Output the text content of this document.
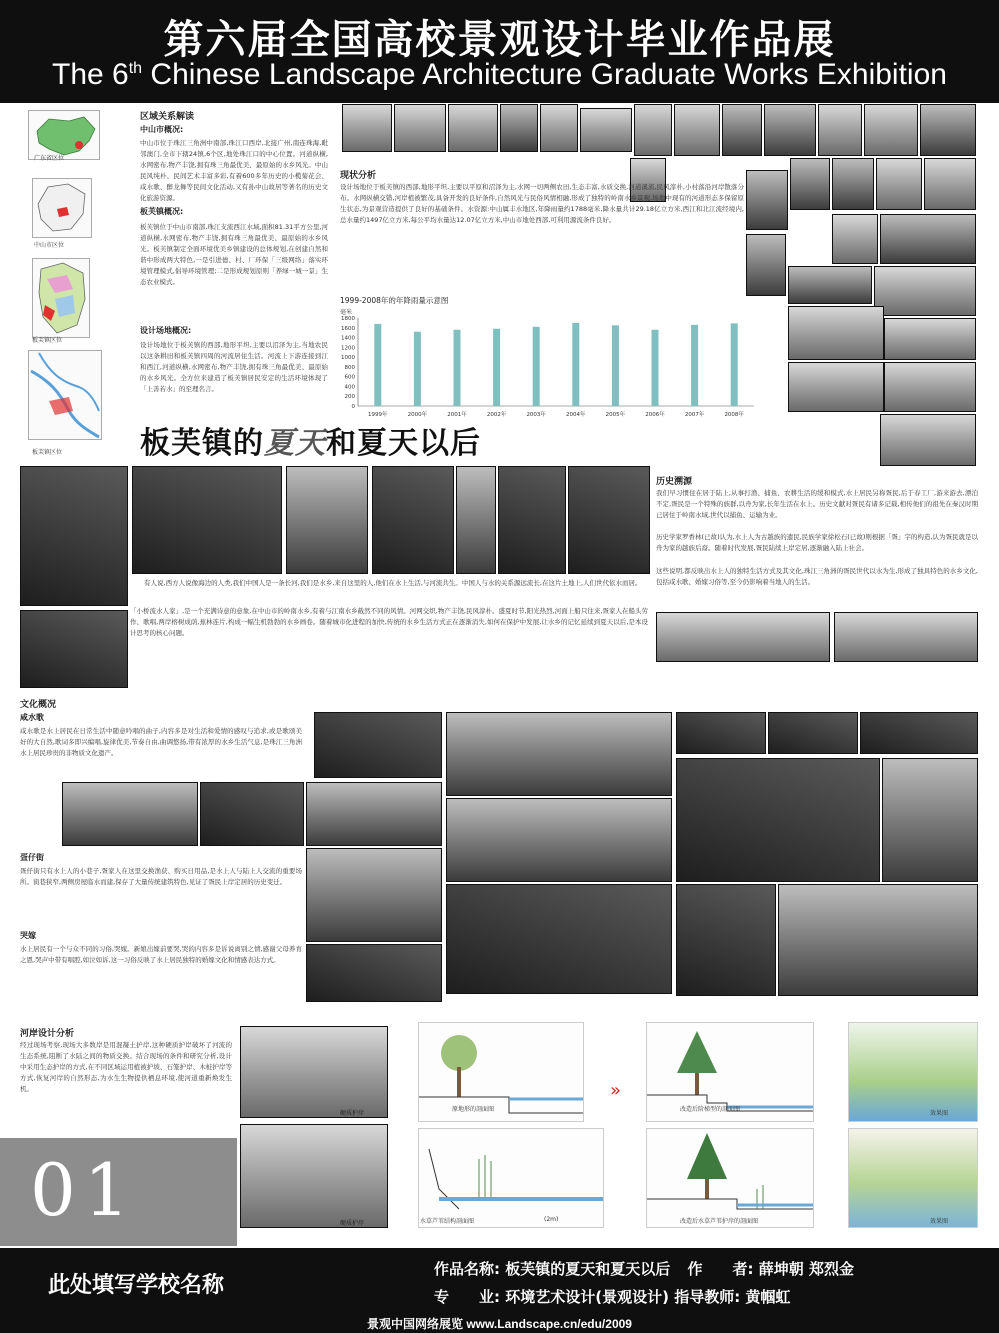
第六届全国高校景观设计毕业作品展
The 6th Chinese Landscape Architecture Graduate Works Exhibition
广东省区位
中山市区位
板芙镇区位
板芙镇区位
区域关系解读
中山市概况:
中山市位于珠江三角洲中南部,珠江口西岸,北接广州,南连珠海,毗邻澳门,全市下辖24镇,6个区,地处珠江口的中心位置。河道纵横,水网密布,物产丰饶,拥有珠三角最优美、最原始的水乡风光。中山民风纯朴、民间艺术丰富多彩,有着600多年历史的小榄菊花会、咸水歌、醉龙舞等民间文化活动,又有孙中山故居等著名的历史文化旅游资源。
板芙镇概况:
板芙镇位于中山市南部,珠江支流西江水域,面积81.31平方公里,河道纵横,水网密布,物产丰饶,拥有珠三角最优美、最原始的水乡风光。板芙镇制定全面环境优美乡镇建设的总体规划,在创建自然和谐中形成两大特色,一是引进德、村、厂环保「三级网络」落实环境管理模式,倡导环境管理;二是形成规划原则「养绿一城一景」生态农业模式。
设计场地概况:
设计场地位于板芙镇的西部,地形平坦,主要以沼泽为主,当地农民以这条耕田和板芙镇四周的河流居住生活。河流上下游连接到江和西江,河道纵横,水网密布,物产丰饶,拥有珠三角最优美、最原始的水乡风光。全方位来建造了板芙镇居民安定的生活环境体现了「上善若水」的至理名言。
现状分析
设计场地位于板芙镇的西部,地形平坦,主要以平原和沼泽为主,水网一切两侧农田,生态丰富,水质交换,河道溪流,民风淳朴,小村落沿河岸散落分布。水网纵横交错,河岸植被繁茂,具备开发的良好条件,自然风光与民俗风情相融,形成了独特的岭南水乡景观,场地中现有的河道形态多保留原生状态,为景观营造提供了良好的基础条件。水资源:中山属丰水地区,年降雨量约1788毫米,降水量共计29.18亿立方米,西江和北江流经境内,总水量约1497亿立方米,每公平均水量达12.07亿立方米,中山市地处西部,可利用源流条件良好。
1999-2008年的年降雨量示意图
毫米
0
200
400
600
800
1000
1200
1400
1600
1800
1999年	2000年	2001年	2002年	2003年	2004年	2005年	2006年	2007年	2008年
板芙镇的夏天和夏天以后
有人说,西方人说像海边的人类,我们中国人是一条长河,我们是水乡,来自这里的人,他们在水上生活,与河流共生。中国人与水的关系源远流长,在这片土地上,人们世代依水而居。
「小桥流水人家」,是一个充满诗意的意象,在中山市的岭南水乡,有着与江南水乡截然不同的风情。河网交织,物产丰饶,民风淳朴。盛夏时节,阳光热烈,河面上船只往来,疍家人在船头劳作、歌唱,两岸榕树成荫,蕉林连片,构成一幅生机勃勃的水乡画卷。随着城市化进程的加快,传统的水乡生活方式正在逐渐消失,如何在保护中发展,让水乡的记忆延续到夏天以后,是本设计思考的核心问题。
历史溯源
我们早习惯住在居于陆上,从事打渔、捕鱼、农耕生活的缓和模式,水上居民另称疍民,后于春工厂,游来游去,漂泊不定,疍民是一个特殊的族群,以舟为家,长年生活在水上。历史文献对疍民有诸多记载,相传他们的祖先在秦汉时期已居住于岭南水域,世代以捕鱼、运输为业。
历史学家罗香林(已故)认为,水上人为古越族的遗民,民族学家徐松石(已故)则根据「疍」字的构造,认为疍民就是以舟为家的越族后裔。随着时代发展,疍民陆续上岸定居,逐渐融入陆上社会。
这些说明,都反映出水上人的独特生活方式及其文化,珠江三角洲的疍民世代以水为生,形成了独具特色的水乡文化,包括咸水歌、婚嫁习俗等,至今仍影响着当地人的生活。
文化概况
咸水歌
咸水歌是水上居民在日常生活中随意吟唱的曲子,内容多是对生活和爱情的感叹与追求,或是歌颂美好的大自然,歌词多即兴编唱,旋律优美,节奏自由,曲调悠扬,带有浓厚的水乡生活气息,是珠江三角洲水上居民珍贵的非物质文化遗产。
疍仔街
疍仔街只有水上人的小巷子,疍家人在这里交换渔获、购买日用品,是水上人与陆上人交流的重要场所。街巷狭窄,两侧房屋临水而建,保存了大量传统建筑特色,见证了疍民上岸定居的历史变迁。
哭嫁
水上居民有一个与众不同的习俗,哭嫁。新娘出嫁前要哭,哭的内容多是诉说离别之情,感谢父母养育之恩,哭声中带有唱腔,如泣如诉,这一习俗反映了水上居民独特的婚嫁文化和情感表达方式。
河岸设计分析
经过现场考察,现场大多数岸是用混凝土护岸,这种硬质护岸破坏了河流的生态系统,阻断了水陆之间的物质交换。结合现场的条件和研究分析,设计中采用生态护岸的方式,在不同区域运用植被护坡、石笼护岸、木桩护岸等方式,恢复河岸的自然形态,为水生生物提供栖息环境,使河道重新焕发生机。
硬质护岸
硬质护岸
原地形的剖面图
»
改造后阶梯型的剖面图
水草芦苇结构剖面图	(2m)	改造后水草芦苇护岸的剖面图
效果图
效果图
01
此处填写学校名称
作品名称: 板芙镇的夏天和夏天以后 作　　者: 薛坤朝 郑烈金
专　　业: 环境艺术设计(景观设计) 指导教师: 黄帼虹
景观中国网络展览 www.Landscape.cn/edu/2009
